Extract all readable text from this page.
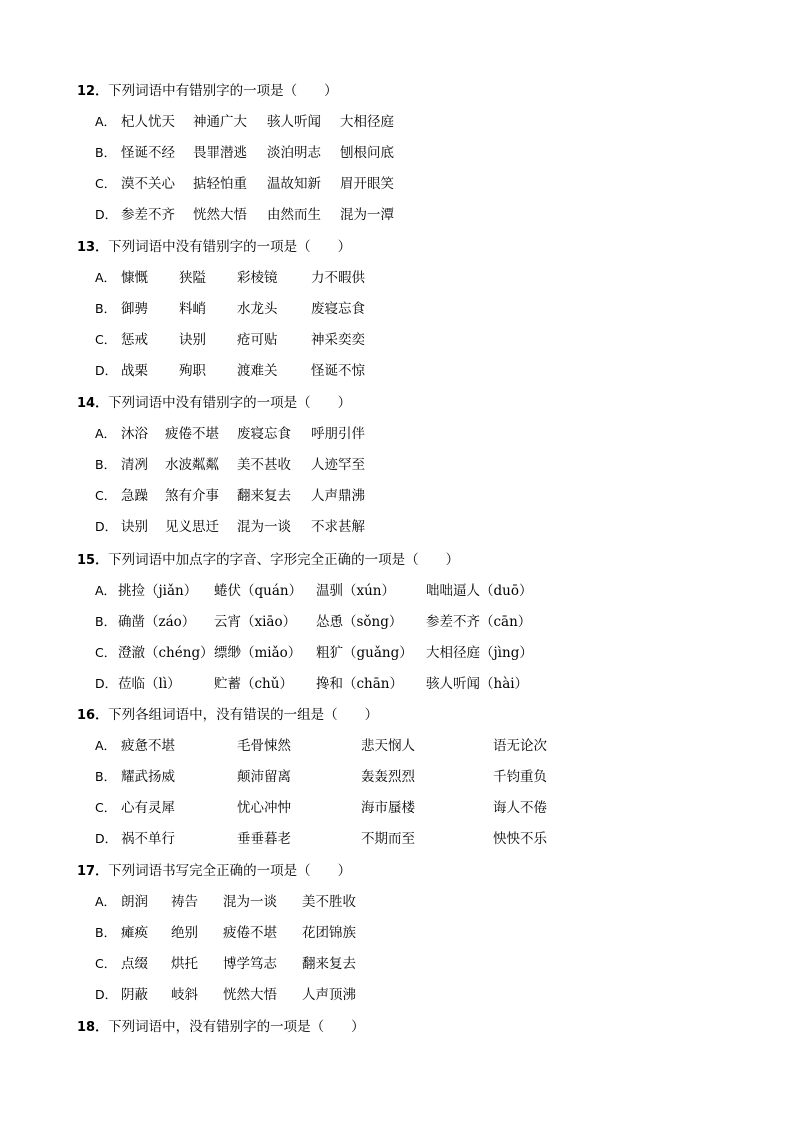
12．下列词语中有错别字的一项是（　　）
A． 杞人忧天 神通广大 骇人听闻 大相径庭
B． 怪诞不经 畏罪潜逃 淡泊明志 刨根问底
C． 漠不关心 掂轻怕重 温故知新 眉开眼笑
D． 参差不齐 恍然大悟 由然而生 混为一潭
13．下列词语中没有错别字的一项是（　　）
A． 慷慨 狭隘 彩棱镜 力不暇供
B． 御骋 料峭 水龙头 废寝忘食
C． 惩戒 诀别 疮可贴 神采奕奕
D． 战栗 殉职 渡难关 怪诞不惊
14．下列词语中没有错别字的一项是（　　）
A． 沐浴 疲倦不堪 废寝忘食 呼朋引伴
B． 清冽 水波粼粼 美不甚收 人迹罕至
C． 急躁 煞有介事 翻来复去 人声鼎沸
D． 诀别 见义思迁 混为一谈 不求甚解
15．下列词语中加点字的字音、字形完全正确的一项是（　　）
A． 挑捡（jiǎn） 蜷伏（quán） 温驯（xún） 咄咄逼人（duō）
B． 确凿（záo） 云宵（xiāo） 怂恿（sǒng） 参差不齐（cān）
C． 澄澈（chéng） 缥缈（miǎo） 粗犷（guǎng） 大相径庭（jìng）
D． 莅临（lì） 贮蓄（chǔ） 搀和（chān） 骇人听闻（hài）
16．下列各组词语中，没有错误的一组是（　　）
A． 疲惫不堪	毛骨悚然	悲天悯人	语无论次
B． 耀武扬威	颠沛留离	轰轰烈烈	千钧重负
C． 心有灵犀	忧心冲忡	海市蜃楼	诲人不倦
D． 祸不单行	垂垂暮老	不期而至	怏怏不乐
17．下列词语书写完全正确的一项是（　　）
A． 朗润 祷告 混为一谈 美不胜收
B． 瘫痪 绝别 疲倦不堪 花团锦族
C． 点缀 烘托 博学笃志 翻来复去
D． 阴蔽 岐斜 恍然大悟 人声顶沸
18．下列词语中，没有错别字的一项是（　　）
